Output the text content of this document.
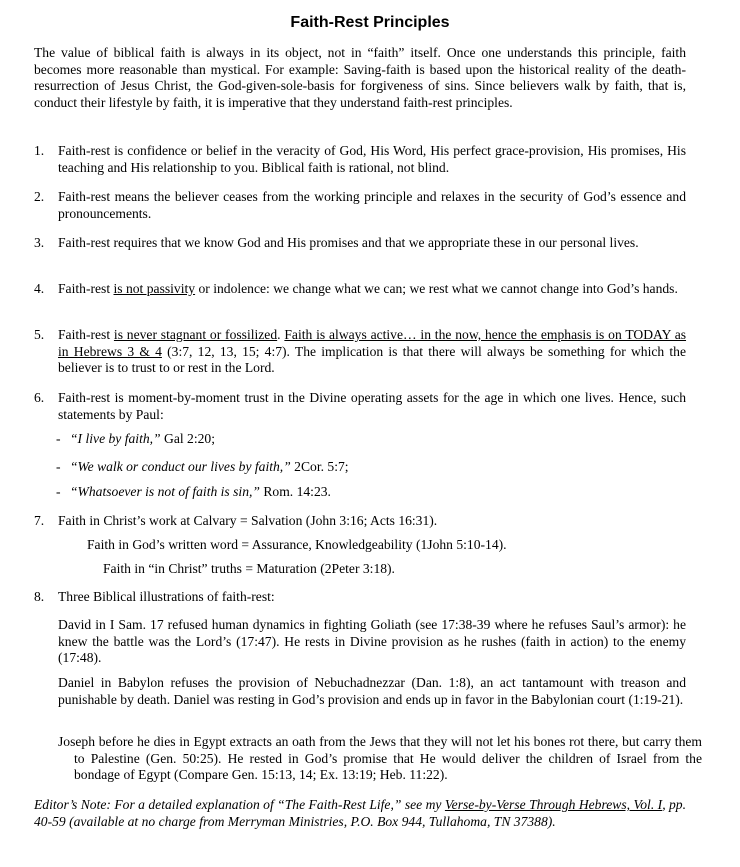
Faith-Rest Principles
The value of biblical faith is always in its object, not in “faith” itself. Once one understands this principle, faith becomes more reasonable than mystical. For example: Saving-faith is based upon the historical reality of the death-resurrection of Jesus Christ, the God-given-sole-basis for forgiveness of sins. Since believers walk by faith, that is, conduct their lifestyle by faith, it is imperative that they understand faith-rest principles.
1.	Faith-rest is confidence or belief in the veracity of God, His Word, His perfect grace-provision, His promises, His teaching and His relationship to you. Biblical faith is rational, not blind.
2.	Faith-rest means the believer ceases from the working principle and relaxes in the security of God’s essence and pronouncements.
3.	Faith-rest requires that we know God and His promises and that we appropriate these in our personal lives.
4.	Faith-rest is not passivity or indolence: we change what we can; we rest what we cannot change into God’s hands.
5.	Faith-rest is never stagnant or fossilized. Faith is always active… in the now, hence the emphasis is on TODAY as in Hebrews 3 & 4 (3:7, 12, 13, 15; 4:7). The implication is that there will always be something for which the believer is to trust to or rest in the Lord.
6.	Faith-rest is moment-by-moment trust in the Divine operating assets for the age in which one lives. Hence, such statements by Paul:
- “I live by faith,” Gal 2:20;
- “We walk or conduct our lives by faith,” 2Cor. 5:7;
- “Whatsoever is not of faith is sin,” Rom. 14:23.
7. Faith in Christ’s work at Calvary = Salvation (John 3:16; Acts 16:31).
Faith in God’s written word = Assurance, Knowledgeability (1John 5:10-14).
Faith in “in Christ” truths = Maturation (2Peter 3:18).
8. Three Biblical illustrations of faith-rest:
David in I Sam. 17 refused human dynamics in fighting Goliath (see 17:38-39 where he refuses Saul’s armor): he knew the battle was the Lord’s (17:47). He rests in Divine provision as he rushes (faith in action) to the enemy (17:48).
Daniel in Babylon refuses the provision of Nebuchadnezzar (Dan. 1:8), an act tantamount with treason and punishable by death. Daniel was resting in God’s provision and ends up in favor in the Babylonian court (1:19-21).
Joseph before he dies in Egypt extracts an oath from the Jews that they will not let his bones rot there, but carry them to Palestine (Gen. 50:25). He rested in God’s promise that He would deliver the children of Israel from the bondage of Egypt (Compare Gen. 15:13, 14; Ex. 13:19; Heb. 11:22).
Editor’s Note: For a detailed explanation of “The Faith-Rest Life,” see my Verse-by-Verse Through Hebrews, Vol. I, pp. 40-59 (available at no charge from Merryman Ministries, P.O. Box 944, Tullahoma, TN 37388).
